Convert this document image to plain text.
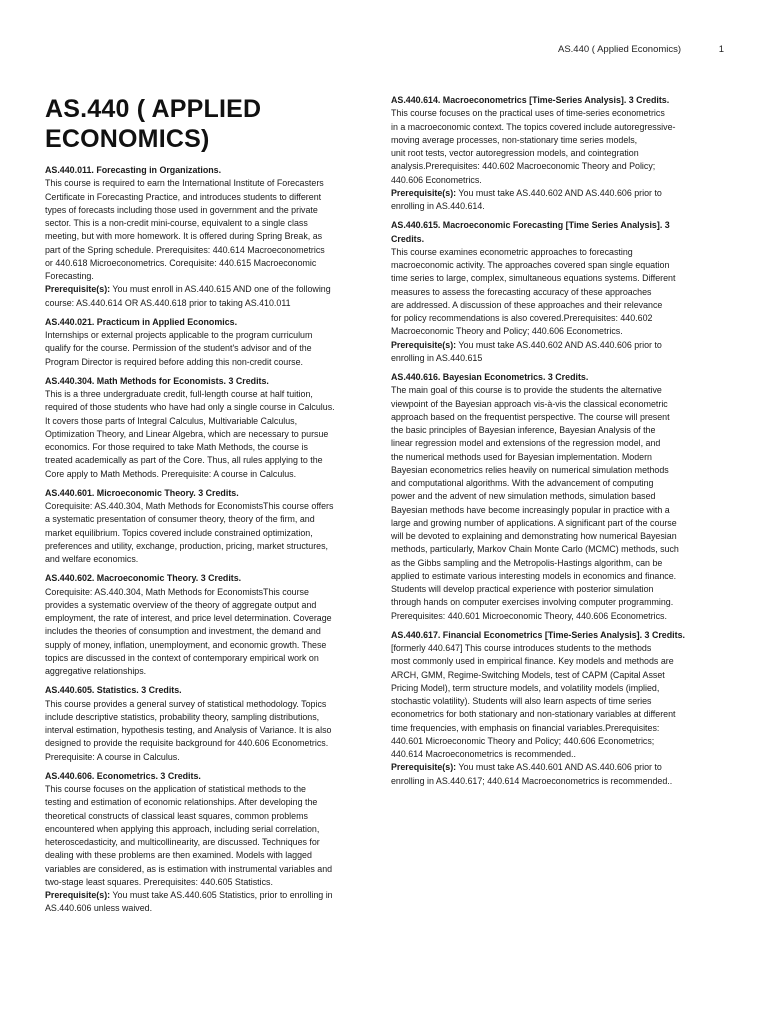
AS.440 ( Applied Economics)	1
AS.440 ( APPLIED ECONOMICS)
AS.440.011. Forecasting in Organizations.
This course is required to earn the International Institute of Forecasters
Certificate in Forecasting Practice, and introduces students to different
types of forecasts including those used in government and the private
sector. This is a non-credit mini-course, equivalent to a single class
meeting, but with more homework. It is offered during Spring Break, as
part of the Spring schedule. Prerequisites: 440.614 Macroeconometrics
or 440.618 Microeconometrics. Corequisite: 440.615 Macroeconomic
Forecasting.
Prerequisite(s): You must enroll in AS.440.615 AND one of the following
course: AS.440.614 OR AS.440.618 prior to taking AS.410.011
AS.440.021. Practicum in Applied Economics.
Internships or external projects applicable to the program curriculum
qualify for the course. Permission of the student's advisor and of the
Program Director is required before adding this non-credit course.
AS.440.304. Math Methods for Economists. 3 Credits.
This is a three undergraduate credit, full-length course at half tuition,
required of those students who have had only a single course in Calculus.
It covers those parts of Integral Calculus, Multivariable Calculus,
Optimization Theory, and Linear Algebra, which are necessary to pursue
economics. For those required to take Math Methods, the course is
treated academically as part of the Core. Thus, all rules applying to the
Core apply to Math Methods. Prerequisite: A course in Calculus.
AS.440.601. Microeconomic Theory. 3 Credits.
Corequisite: AS.440.304, Math Methods for EconomistsThis course offers
a systematic presentation of consumer theory, theory of the firm, and
market equilibrium. Topics covered include constrained optimization,
preferences and utility, exchange, production, pricing, market structures,
and welfare economics.
AS.440.602. Macroeconomic Theory. 3 Credits.
Corequisite: AS.440.304, Math Methods for EconomistsThis course
provides a systematic overview of the theory of aggregate output and
employment, the rate of interest, and price level determination. Coverage
includes the theories of consumption and investment, the demand and
supply of money, inflation, unemployment, and economic growth. These
topics are discussed in the context of contemporary empirical work on
aggregative relationships.
AS.440.605. Statistics. 3 Credits.
This course provides a general survey of statistical methodology. Topics
include descriptive statistics, probability theory, sampling distributions,
interval estimation, hypothesis testing, and Analysis of Variance. It is also
designed to provide the requisite background for 440.606 Econometrics.
Prerequisite: A course in Calculus.
AS.440.606. Econometrics. 3 Credits.
This course focuses on the application of statistical methods to the
testing and estimation of economic relationships. After developing the
theoretical constructs of classical least squares, common problems
encountered when applying this approach, including serial correlation,
heteroscedasticity, and multicollinearity, are discussed. Techniques for
dealing with these problems are then examined. Models with lagged
variables are considered, as is estimation with instrumental variables and
two-stage least squares. Prerequisites: 440.605 Statistics.
Prerequisite(s): You must take AS.440.605 Statistics, prior to enrolling in
AS.440.606 unless waived.
AS.440.614. Macroeconometrics [Time-Series Analysis]. 3 Credits.
This course focuses on the practical uses of time-series econometrics
in a macroeconomic context. The topics covered include autoregressive-
moving average processes, non-stationary time series models,
unit root tests, vector autoregression models, and cointegration
analysis.Prerequisites: 440.602 Macroeconomic Theory and Policy;
440.606 Econometrics.
Prerequisite(s): You must take AS.440.602 AND AS.440.606 prior to
enrolling in AS.440.614.
AS.440.615. Macroeconomic Forecasting [Time Series Analysis]. 3
Credits.
This course examines econometric approaches to forecasting
macroeconomic activity. The approaches covered span single equation
time series to large, complex, simultaneous equations systems. Different
measures to assess the forecasting accuracy of these approaches
are addressed. A discussion of these approaches and their relevance
for policy recommendations is also covered.Prerequisites: 440.602
Macroeconomic Theory and Policy; 440.606 Econometrics.
Prerequisite(s): You must take AS.440.602 AND AS.440.606 prior to
enrolling in AS.440.615
AS.440.616. Bayesian Econometrics. 3 Credits.
The main goal of this course is to provide the students the alternative
viewpoint of the Bayesian approach vis-à-vis the classical econometric
approach based on the frequentist perspective. The course will present
the basic principles of Bayesian inference, Bayesian Analysis of the
linear regression model and extensions of the regression model, and
the numerical methods used for Bayesian implementation. Modern
Bayesian econometrics relies heavily on numerical simulation methods
and computational algorithms. With the advancement of computing
power and the advent of new simulation methods, simulation based
Bayesian methods have become increasingly popular in practice with a
large and growing number of applications. A significant part of the course
will be devoted to explaining and demonstrating how numerical Bayesian
methods, particularly, Markov Chain Monte Carlo (MCMC) methods, such
as the Gibbs sampling and the Metropolis-Hastings algorithm, can be
applied to estimate various interesting models in economics and finance.
Students will develop practical experience with posterior simulation
through hands on computer exercises involving computer programming.
Prerequisites: 440.601 Microeconomic Theory, 440.606 Econometrics.
AS.440.617. Financial Econometrics [Time-Series Analysis]. 3 Credits.
[formerly 440.647] This course introduces students to the methods
most commonly used in empirical finance. Key models and methods are
ARCH, GMM, Regime-Switching Models, test of CAPM (Capital Asset
Pricing Model), term structure models, and volatility models (implied,
stochastic volatility). Students will also learn aspects of time series
econometrics for both stationary and non-stationary variables at different
time frequencies, with emphasis on financial variables.Prerequisites:
440.601 Microeconomic Theory and Policy; 440.606 Econometrics;
440.614 Macroeconometrics is recommended..
Prerequisite(s): You must take AS.440.601 AND AS.440.606 prior to
enrolling in AS.440.617; 440.614 Macroeconometrics is recommended..
